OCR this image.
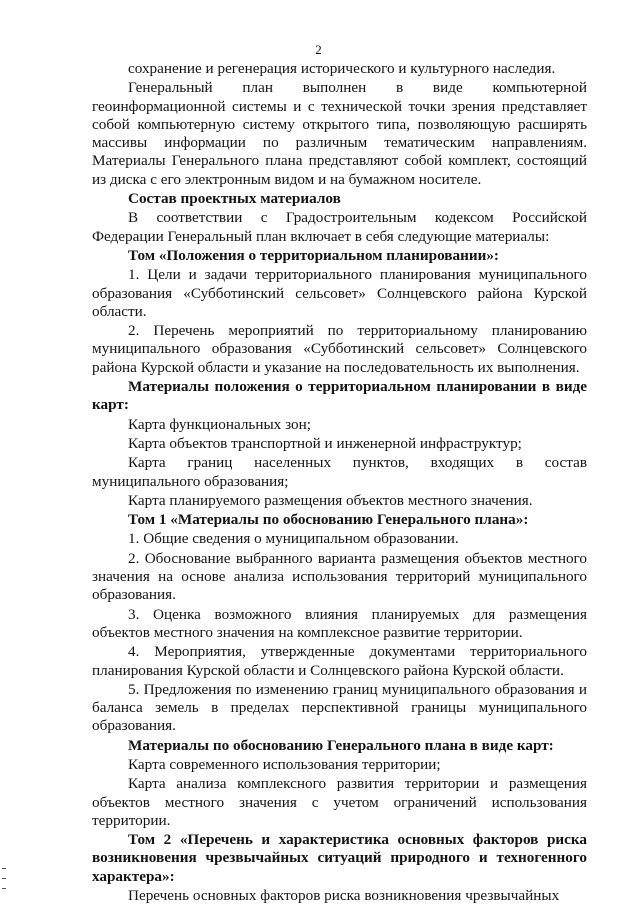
2

сохранение и регенерация исторического и культурного наследия.

Генеральный план выполнен в виде компьютерной геоинформационной системы и с технической точки зрения представляет собой компьютерную систему открытого типа, позволяющую расширять массивы информации по различным тематическим направлениям. Материалы Генерального плана представляют собой комплект, состоящий из диска с его электронным видом и на бумажном носителе.

Состав проектных материалов

В соответствии с Градостроительным кодексом Российской Федерации Генеральный план включает в себя следующие материалы:

Том «Положения о территориальном планировании»:

1. Цели и задачи территориального планирования муниципального образования «Субботинский сельсовет» Солнцевского района Курской области.

2. Перечень мероприятий по территориальному планированию муниципального образования «Субботинский сельсовет» Солнцевского района Курской области и указание на последовательность их выполнения.

Материалы положения о территориальном планировании в виде карт:

Карта функциональных зон;

Карта объектов транспортной и инженерной инфраструктур;

Карта границ населенных пунктов, входящих в состав муниципального образования;

Карта планируемого размещения объектов местного значения.

Том 1 «Материалы по обоснованию Генерального плана»:

1. Общие сведения о муниципальном образовании.

2. Обоснование выбранного варианта размещения объектов местного значения на основе анализа использования территорий муниципального образования.

3. Оценка возможного влияния планируемых для размещения объектов местного значения на комплексное развитие территории.

4. Мероприятия, утвержденные документами территориального планирования Курской области и Солнцевского района Курской области.

5. Предложения по изменению границ муниципального образования и баланса земель в пределах перспективной границы муниципального образования.

Материалы по обоснованию Генерального плана в виде карт:

Карта современного использования территории;

Карта анализа комплексного развития территории и размещения объектов местного значения с учетом ограничений использования территории.

Том 2 «Перечень и характеристика основных факторов риска возникновения чрезвычайных ситуаций природного и техногенного характера»:

Перечень основных факторов риска возникновения чрезвычайных
